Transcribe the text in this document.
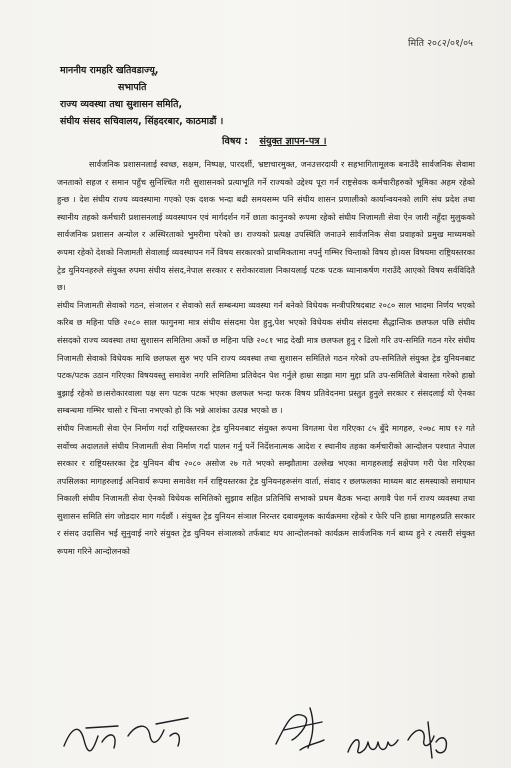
मिति २०८२/०१/०५
माननीय रामहरि खतिवडाज्यू,
सभापति
राज्य व्यवस्था तथा सुशासन समिति,
संघीय संसद सचिवालय, सिंहदरबार, काठमाडौं ।
विषय : संयुक्त ज्ञापन-पत्र ।

सार्वजनिक प्रशासनलाई स्वच्छ, सक्षम, निष्पक्ष, पारदर्शी, भ्रष्टाचारमुक्त, जनउत्तरदायी र सहभागितामूलक बनाउँदै सार्वजनिक सेवामा जनताको सहज र समान पहुँच सुनिश्चित गरी सुशासनको प्रत्याभूति गर्ने राज्यको उद्देश्य पूरा गर्न राष्ट्रसेवक कर्मचारीहरुको भूमिका अहम रहेको हुन्छ । देश संघीय राज्य व्यवस्थामा गएको एक दशक भन्दा बढी समयसम्म पनि संघीय शासन प्रणालीको कार्यान्वयनको लागि संघ प्रदेश तथा स्थानीय तहको कर्मचारी प्रशासनलाई व्यवस्थापन एवं मार्गदर्शन गर्ने छाता कानुनको रूपमा रहेको संघीय निजामती सेवा ऐन जारी नहुँदा मुलुकको सार्वजनिक प्रशासन अन्योल र अस्थिरताको भुमरीमा परेको छ। राज्यको प्रत्यक्ष उपस्थिति जनाउने सार्वजनिक सेवा प्रवाहको प्रमुख माध्यमको रूपमा रहेको देशको निजामती सेवालाई व्यवस्थापन गर्ने विषय सरकारको प्राथमिकतामा नपर्नु गम्भिर चिन्ताको विषय हो।यस विषयमा राष्ट्रियस्तरका ट्रेड युनियनहरुले संयुक्त रुपमा संघीय संसद,नेपाल सरकार र सरोकारवाला निकायलाई पटक पटक ध्यानाकर्षण गराउँदै आएको विषय सर्वविदितै छ।

संघीय निजामती सेवाको गठन, संञालन र सेवाको सर्त सम्बन्धमा व्यवस्था गर्न बनेको विधेयक मन्त्रीपरिषदबाट २०८० साल भादमा निर्णय भएको करिब छ महिना पछि २०८० साल फागुनमा मात्र संघीय संसदमा पेश हुनु,पेश भएको विधेयक संघीय संसदमा सैद्धान्तिक छलफल पछि संघीय संसदको राज्य व्यवस्था तथा सुशासन समितिमा अर्को छ महिना पछि २०८१ भाद्र देखी मात्र छलफल हुनु र ढिलो गरि उप-समिति गठन गरेर संघीय निजामती सेवाको विधेयक माथि छलफल सुरु भए पनि राज्य व्यवस्था तथा सुशासन समितिले गठन गरेको उप-समितिले संयुक्त ट्रेड युनियनबाट पटक/पटक उठान गरिएका विषयवस्तु समावेश नगरि समितिमा प्रतिवेदन पेश गर्नुले हाम्रा साझा माग मुद्दा प्रति उप-समितिले बेवास्ता गरेको हाम्रो बुझाई रहेको छ।सरोकारवाला पक्ष सग पटक पटक भएका छलफल भन्दा फरक विषय प्रतिवेदनमा प्रस्तुत हुनुले सरकार र संसदलाई यो ऐनका सम्बन्धमा गम्भिर चासो र चिन्ता नभएको हो कि भन्ने आशंका उत्पन्न भएको छ ।

संघीय निजामती सेवा ऐन निर्माण गर्दा राष्ट्रियस्तरका ट्रेड युनियनबाट संयुक्त रूपमा विगतमा पेश गरिएका ८५ बुँदे मागहरु, २०७८ माघ १२ गते सर्वोच्च अदालतले संघीय निजामती सेवा निर्माण गर्दा पालन गर्नु पर्ने निर्देशनात्मक आदेश र स्थानीय तहका कर्मचारीको आन्दोलन पश्चात नेपाल सरकार र राष्ट्रियस्तरका ट्रेड युनियन बीच २०८० असोज २७ गते भएको सम्झौतामा उल्लेख भएका मागहरुलाई सक्षेपण गरी पेश गरिएका तपसिलका मागहरुलाई अनिवार्य रूपमा समावेश गर्न राष्ट्रियस्तरका ट्रेड युनियनहरूसंग वार्ता, संवाद र छलफलका माध्यम बाट समस्याको समाधान निकाली संघीय निजामती सेवा ऐनको विधेयक समितिको सुझाव सहित प्रतिनिधि सभाको प्रथम बैठक भन्दा अगावै पेश गर्न राज्य व्यवस्था तथा सुशासन समिति संग जोडदार माग गर्दछौं । संयुक्त ट्रेड युनियन संञाल निरन्तर दबावमूलक कार्यक्रममा रहेको र फेरि पनि हाम्रा मागहरुप्रति सरकार र संसद उदासिन भई सुनुवाई नगरे संयुक्त ट्रेड युनियन संञालको तर्फबाट थप आन्दोलनको कार्यक्रम सार्वजनिक गर्न बाध्य हुने र त्यसरी संयुक्त रूपमा गरिने आन्दोलनको
